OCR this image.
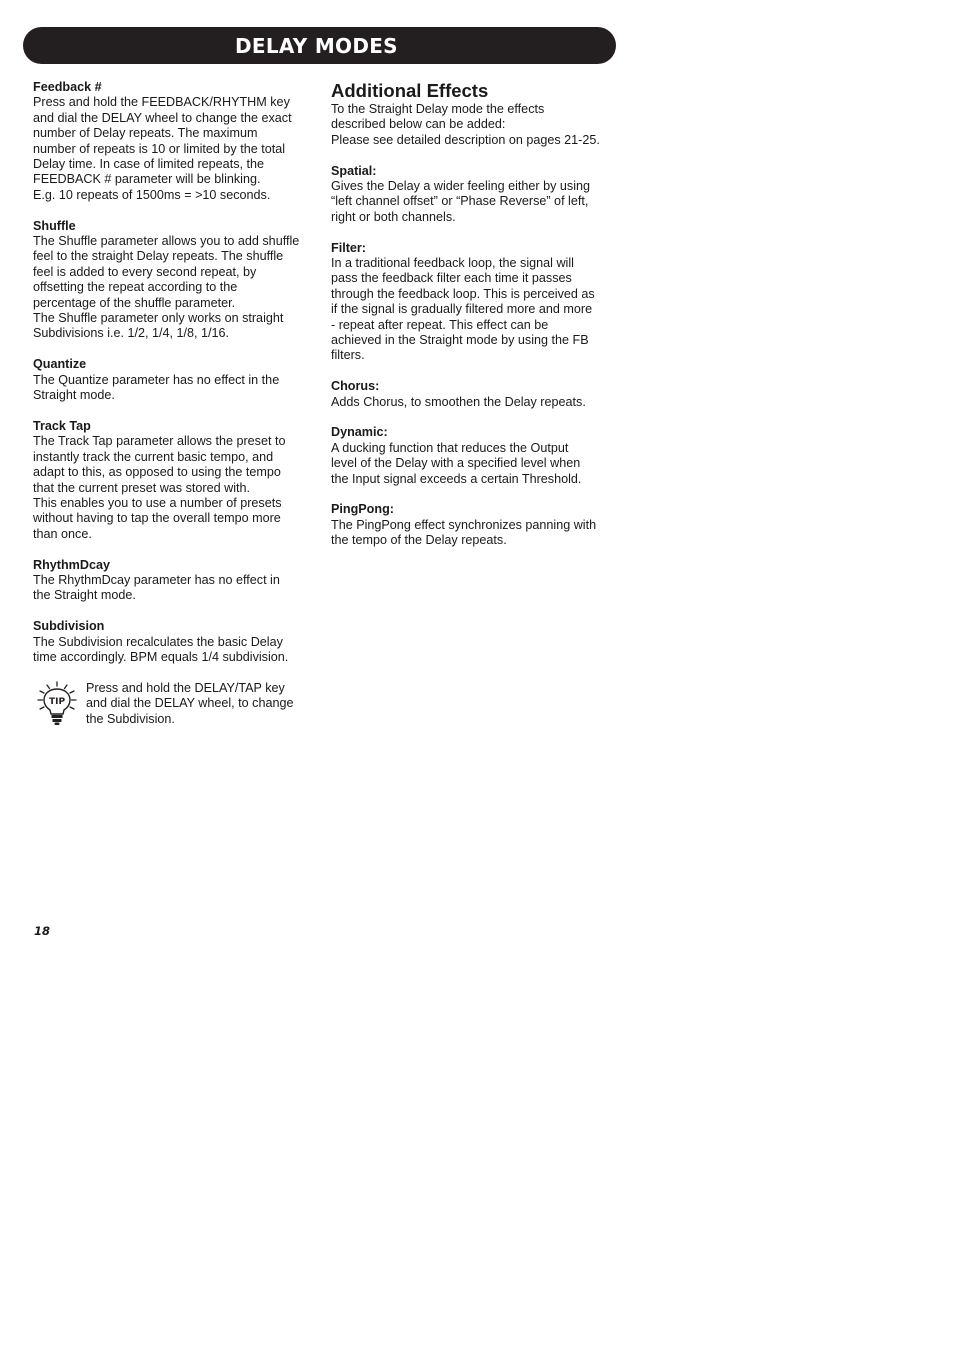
DELAY MODES
Feedback #
Press and hold the FEEDBACK/RHYTHM key
and dial the DELAY wheel to change the exact
number of Delay repeats. The maximum
number of repeats is 10 or limited by the total
Delay time. In case of limited repeats, the
FEEDBACK # parameter will be blinking.
E.g. 10 repeats of 1500ms = >10 seconds.
Shuffle
The Shuffle parameter allows you to add shuffle
feel to the straight Delay repeats. The shuffle
feel is added to every second repeat, by
offsetting the repeat according to the
percentage of the shuffle parameter.
The Shuffle parameter only works on straight
Subdivisions i.e. 1/2, 1/4, 1/8, 1/16.
Quantize
The Quantize parameter has no effect in the
Straight mode.
Track Tap
The Track Tap parameter allows the preset to
instantly track the current basic tempo, and
adapt to this, as opposed to using the tempo
that the current preset was stored with.
This enables you to use a number of presets
without having to tap the overall tempo more
than once.
RhythmDcay
The RhythmDcay parameter has no effect in
the Straight mode.
Subdivision
The Subdivision recalculates the basic Delay
time accordingly. BPM equals 1/4 subdivision.
TIP
Press and hold the DELAY/TAP key
and dial the DELAY wheel, to change
the Subdivision.
Additional Effects
To the Straight Delay mode the effects
described below can be added:
Please see detailed description on pages 21-25.
Spatial:
Gives the Delay a wider feeling either by using
“left channel offset” or “Phase Reverse” of left,
right or both channels.
Filter:
In a traditional feedback loop, the signal will
pass the feedback filter each time it passes
through the feedback loop. This is perceived as
if the signal is gradually filtered more and more
- repeat after repeat. This effect can be
achieved in the Straight mode by using the FB
filters.
Chorus:
Adds Chorus, to smoothen the Delay repeats.
Dynamic:
A ducking function that reduces the Output
level of the Delay with a specified level when
the Input signal exceeds a certain Threshold.
PingPong:
The PingPong effect synchronizes panning with
the tempo of the Delay repeats.
18
